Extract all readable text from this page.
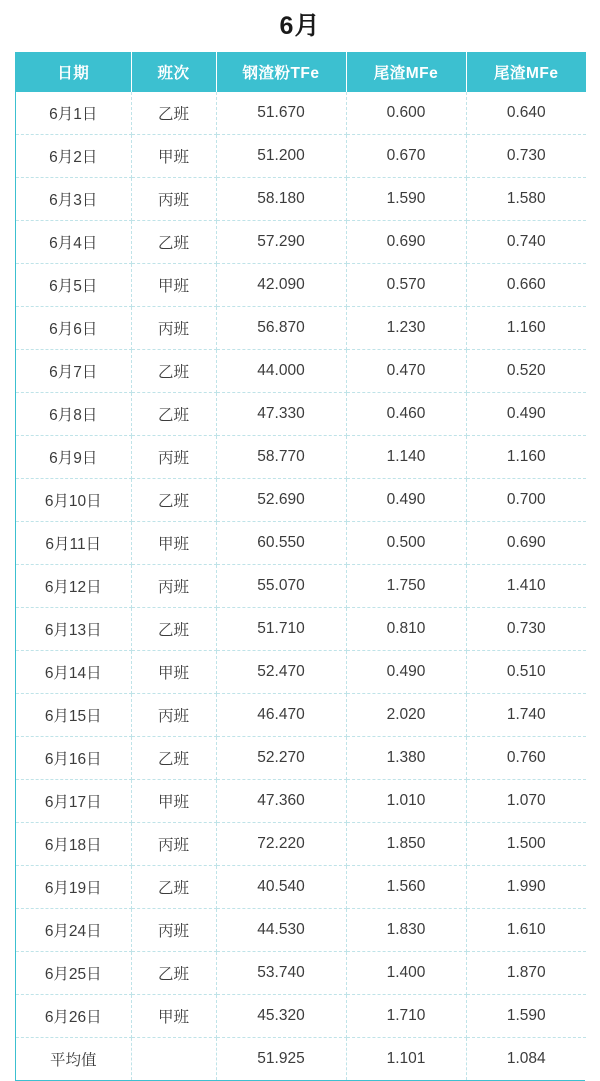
6月
日期	班次	钢渣粉TFe	尾渣MFe	尾渣MFe
6月1日	乙班	51.670	0.600	0.640
6月2日	甲班	51.200	0.670	0.730
6月3日	丙班	58.180	1.590	1.580
6月4日	乙班	57.290	0.690	0.740
6月5日	甲班	42.090	0.570	0.660
6月6日	丙班	56.870	1.230	1.160
6月7日	乙班	44.000	0.470	0.520
6月8日	乙班	47.330	0.460	0.490
6月9日	丙班	58.770	1.140	1.160
6月10日	乙班	52.690	0.490	0.700
6月11日	甲班	60.550	0.500	0.690
6月12日	丙班	55.070	1.750	1.410
6月13日	乙班	51.710	0.810	0.730
6月14日	甲班	52.470	0.490	0.510
6月15日	丙班	46.470	2.020	1.740
6月16日	乙班	52.270	1.380	0.760
6月17日	甲班	47.360	1.010	1.070
6月18日	丙班	72.220	1.850	1.500
6月19日	乙班	40.540	1.560	1.990
6月24日	丙班	44.530	1.830	1.610
6月25日	乙班	53.740	1.400	1.870
6月26日	甲班	45.320	1.710	1.590
平均值		51.925	1.101	1.084
